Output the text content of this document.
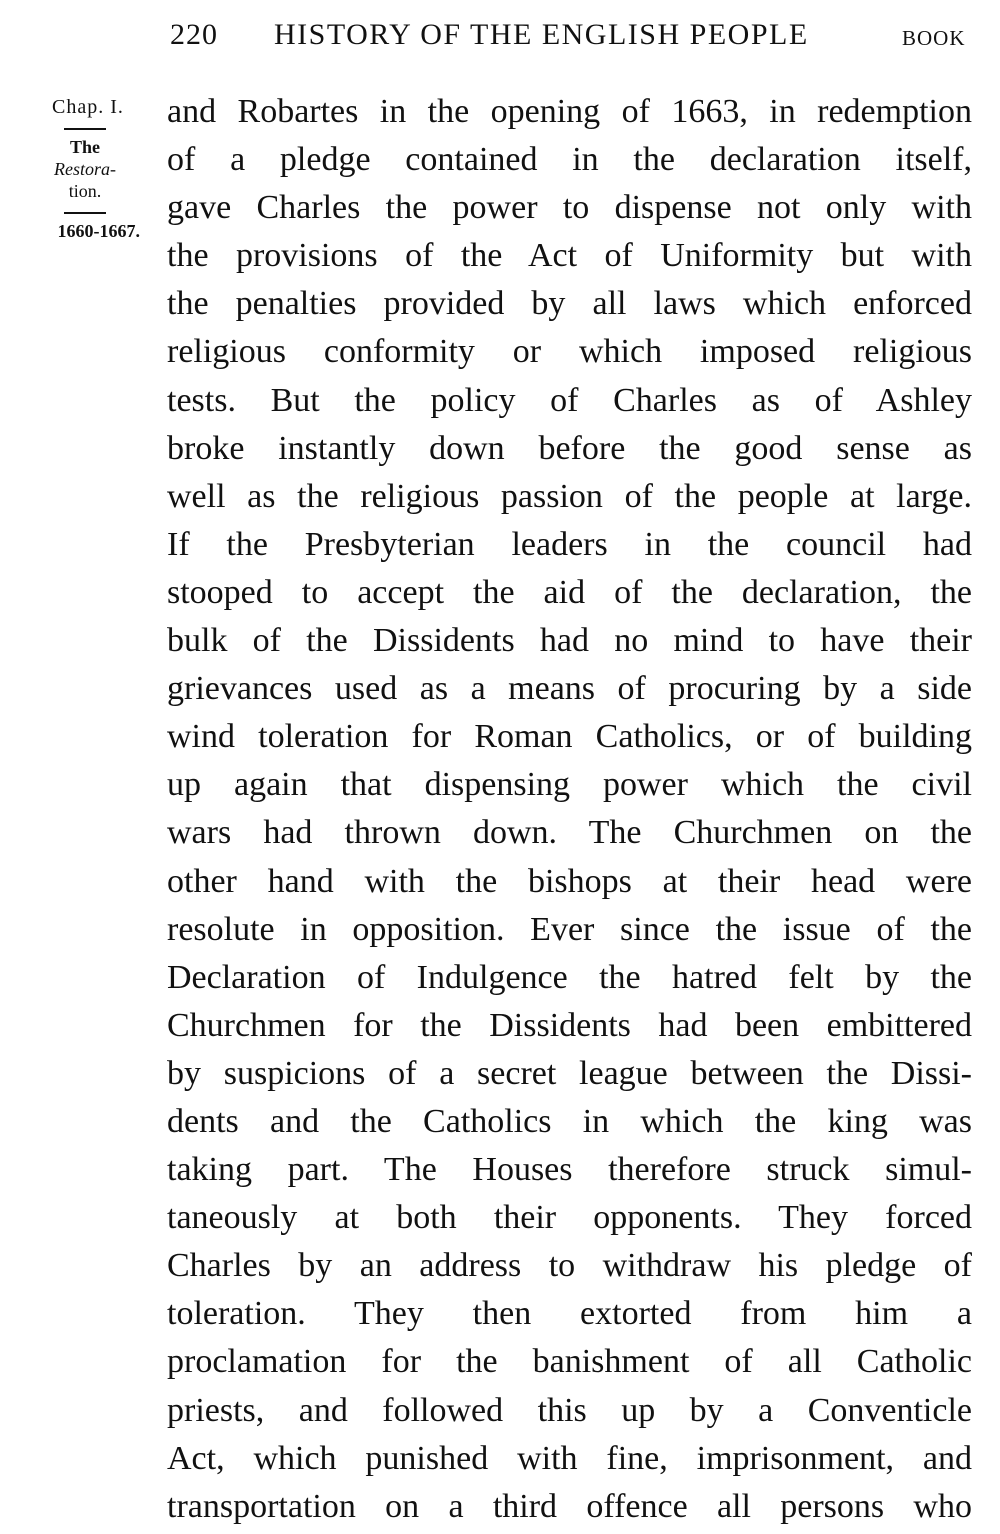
220 HISTORY OF THE ENGLISH PEOPLE	BOOK
Chap. I.
The
Restora-
tion.
1660-1667.
and Robartes in the opening of 1663, in redemption
of a pledge contained in the declaration itself,
gave Charles the power to dispense not only with
the provisions of the Act of Uniformity but with
the penalties provided by all laws which enforced
religious conformity or which imposed religious
tests. But the policy of Charles as of Ashley
broke instantly down before the good sense as
well as the religious passion of the people at large.
If the Presbyterian leaders in the council had
stooped to accept the aid of the declaration, the
bulk of the Dissidents had no mind to have their
grievances used as a means of procuring by a side
wind toleration for Roman Catholics, or of building
up again that dispensing power which the civil
wars had thrown down. The Churchmen on the
other hand with the bishops at their head were
resolute in opposition. Ever since the issue of the
Declaration of Indulgence the hatred felt by the
Churchmen for the Dissidents had been embittered
by suspicions of a secret league between the Dissi-
dents and the Catholics in which the king was
taking part. The Houses therefore struck simul-
taneously at both their opponents. They forced
Charles by an address to withdraw his pledge of
toleration. They then extorted from him a
proclamation for the banishment of all Catholic
priests, and followed this up by a Conventicle
Act, which punished with fine, imprisonment, and
transportation on a third offence all persons who
